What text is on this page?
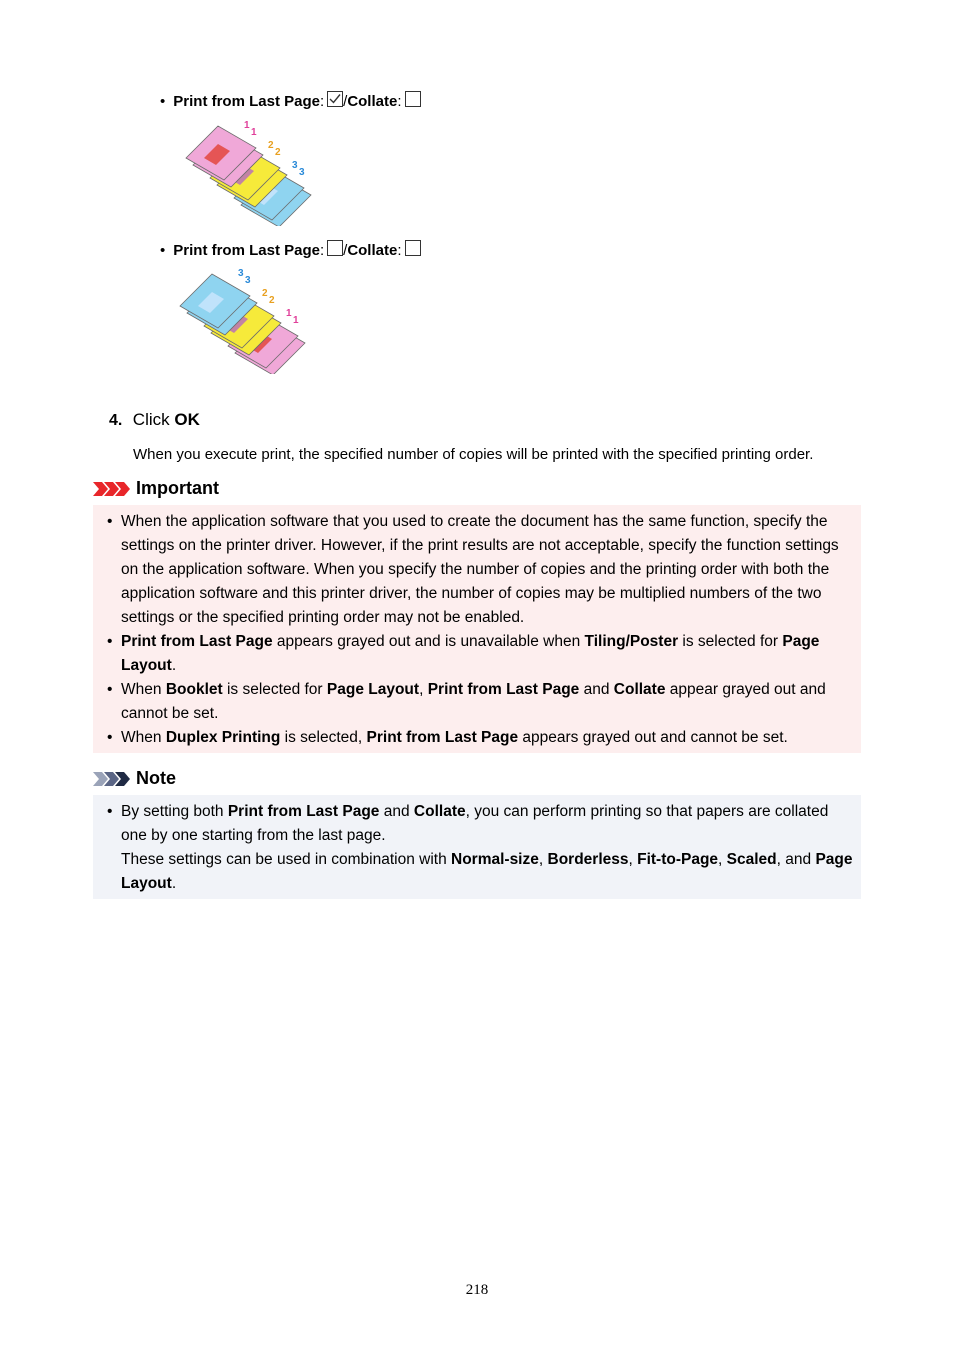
• Print from Last Page: /Collate:
3
3
2
2
1
1
• Print from Last Page: /Collate:
1
1
2
2
3
3
4. Click OK
When you execute print, the specified number of copies will be printed with the specified printing order.
Important
• When the application software that you used to create the document has the same function, specify the settings on the printer driver. However, if the print results are not acceptable, specify the function settings on the application software. When you specify the number of copies and the printing order with both the application software and this printer driver, the number of copies may be multiplied numbers of the two settings or the specified printing order may not be enabled.
• Print from Last Page appears grayed out and is unavailable when Tiling/Poster is selected for Page Layout.
• When Booklet is selected for Page Layout, Print from Last Page and Collate appear grayed out and cannot be set.
• When Duplex Printing is selected, Print from Last Page appears grayed out and cannot be set.
Note
• By setting both Print from Last Page and Collate, you can perform printing so that papers are collated one by one starting from the last page.
These settings can be used in combination with Normal-size, Borderless, Fit-to-Page, Scaled, and Page Layout.
218
